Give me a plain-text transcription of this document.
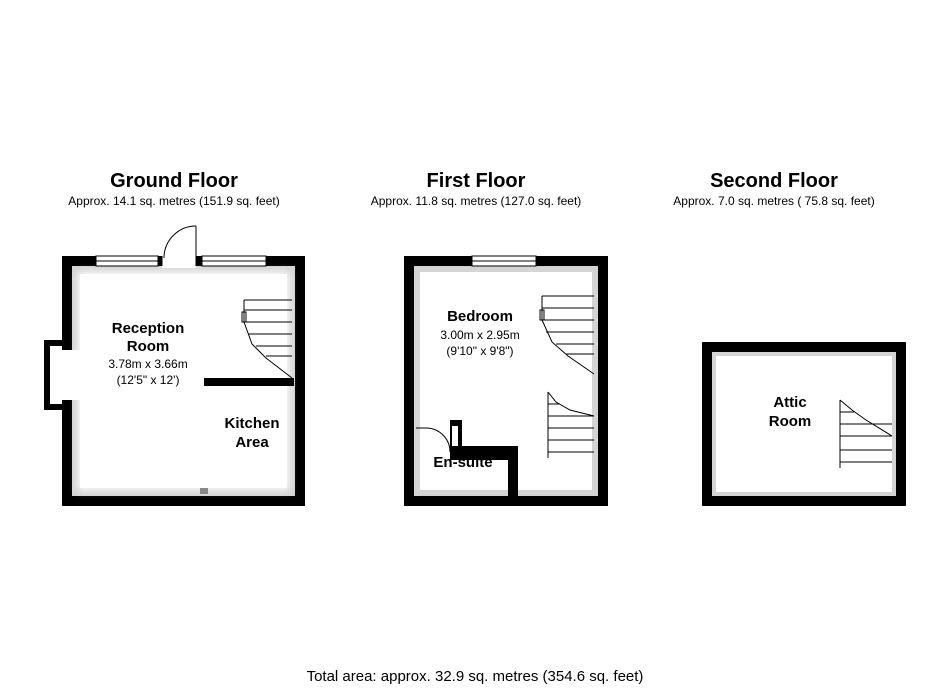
Ground Floor
Approx. 14.1 sq. metres (151.9 sq. feet)
First Floor
Approx. 11.8 sq. metres (127.0 sq. feet)
Second Floor
Approx. 7.0 sq. metres ( 75.8 sq. feet)
Reception
Room
3.78m x 3.66m
(12'5" x 12')
Kitchen
Area
Bedroom
3.00m x 2.95m
(9'10" x 9'8")
En-suite
Attic
Room
Total area: approx. 32.9 sq. metres (354.6 sq. feet)
